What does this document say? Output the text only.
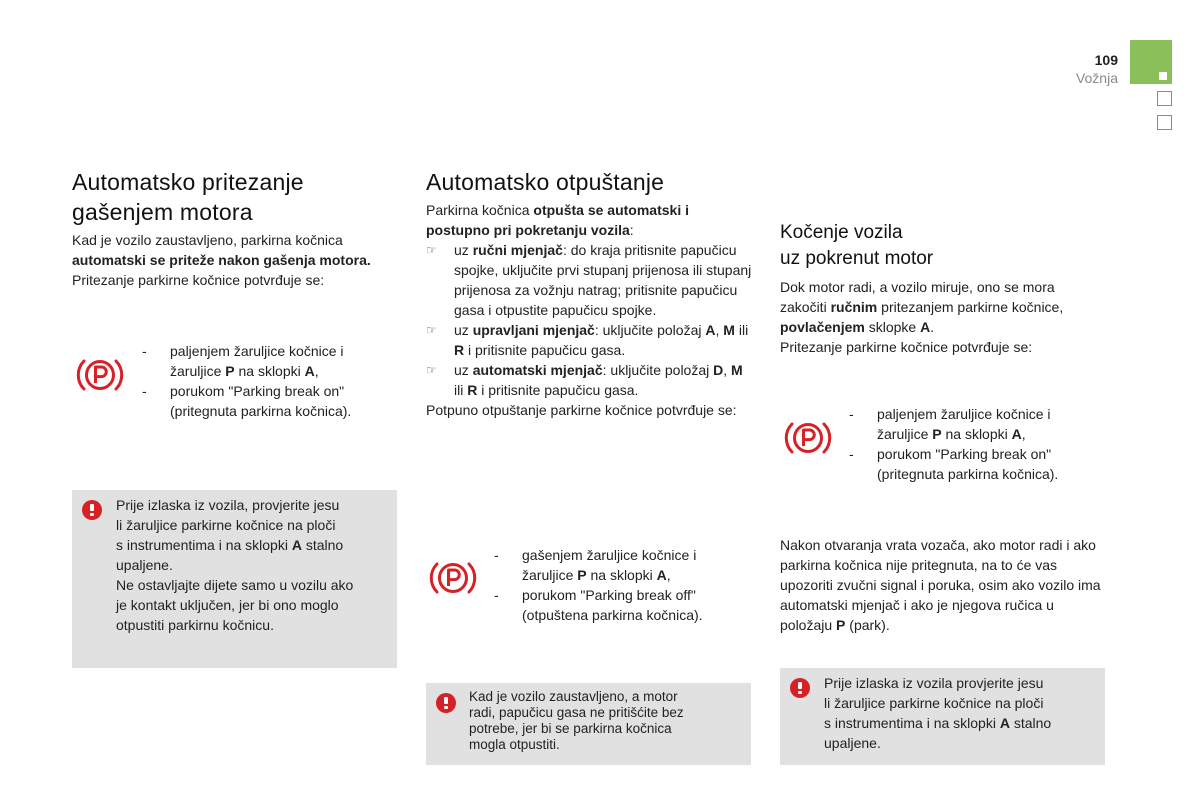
109
Vožnja
Automatsko pritezanje
gašenjem motora

Kad je vozilo zaustavljeno, parkirna kočnica automatski se priteže nakon gašenja motora.

Pritezanje parkirne kočnice potvrđuje se:

- paljenjem žaruljice kočnice i žaruljice P na sklopki A,
- porukom "Parking break on" (pritegnuta parkirna kočnica).
Prije izlaska iz vozila, provjerite jesu
li žaruljice parkirne kočnice na ploči
s instrumentima i na sklopki A stalno
upaljene.
Ne ostavljajte dijete samo u vozilu ako
je kontakt uključen, jer bi ono moglo
otpustiti parkirnu kočnicu.
Automatsko otpuštanje

Parkirna kočnica otpušta se automatski i postupno pri pokretanju vozila:

☞ uz ručni mjenjač: do kraja pritisnite papučicu spojke, uključite prvi stupanj prijenosa ili stupanj prijenosa za vožnju natrag; pritisnite papučicu gasa i otpustite papučicu spojke.
☞ uz upravljani mjenjač: uključite položaj A, M ili R i pritisnite papučicu gasa.
☞ uz automatski mjenjač: uključite položaj D, M ili R i pritisnite papučicu gasa.

Potpuno otpuštanje parkirne kočnice potvrđuje se:

- gašenjem žaruljice kočnice i žaruljice P na sklopki A,
- porukom "Parking break off" (otpuštena parkirna kočnica).
Kad je vozilo zaustavljeno, a motor
radi, papučicu gasa ne pritišćite bez
potrebe, jer bi se parkirna kočnica
mogla otpustiti.
Kočenje vozila
uz pokrenut motor

Dok motor radi, a vozilo miruje, ono se mora zakočiti ručnim pritezanjem parkirne kočnice, povlačenjem sklopke A.

Pritezanje parkirne kočnice potvrđuje se:

- paljenjem žaruljice kočnice i žaruljice P na sklopki A,
- porukom "Parking break on" (pritegnuta parkirna kočnica).

Nakon otvaranja vrata vozača, ako motor radi i ako parkirna kočnica nije pritegnuta, na to će vas upozoriti zvučni signal i poruka, osim ako vozilo ima automatski mjenjač i ako je njegova ručica u položaju P (park).

Prije izlaska iz vozila provjerite jesu
li žaruljice parkirne kočnice na ploči
s instrumentima i na sklopki A stalno
upaljene.
